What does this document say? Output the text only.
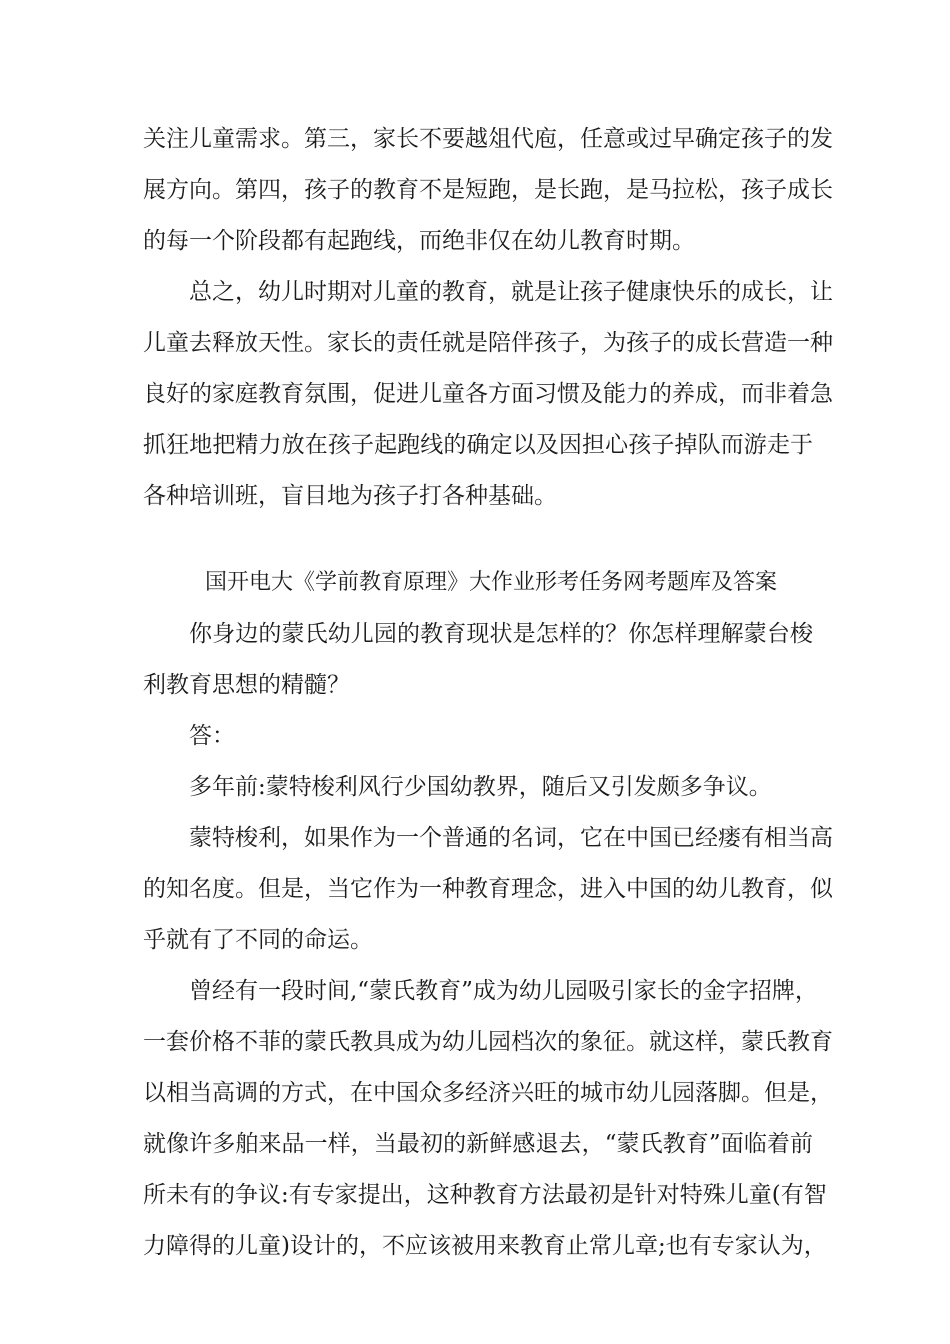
关注儿童需求。第三，家长不要越俎代庖，任意或过早确定孩子的发
展方向。第四，孩子的教育不是短跑，是长跑，是马拉松，孩子成长
的每一个阶段都有起跑线，而绝非仅在幼儿教育时期。
总之，幼儿时期对儿童的教育，就是让孩子健康快乐的成长，让
儿童去释放天性。家长的责任就是陪伴孩子，为孩子的成长营造一种
良好的家庭教育氛围，促进儿童各方面习惯及能力的养成，而非着急
抓狂地把精力放在孩子起跑线的确定以及因担心孩子掉队而游走于
各种培训班，盲目地为孩子打各种基础。
国开电大《学前教育原理》大作业形考任务网考题库及答案
你身边的蒙氏幼儿园的教育现状是怎样的？你怎样理解蒙台梭
利教育思想的精髓？
答：
多年前:蒙特梭利风行少国幼教界，随后又引发颇多争议。
蒙特梭利，如果作为一个普通的名词，它在中国已经瘘有相当高
的知名度。但是，当它作为一种教育理念，进入中国的幼儿教育，似
乎就有了不同的命运。
曾经有一段时间,“蒙氏教育”成为幼儿园吸引家长的金字招牌，
一套价格不菲的蒙氏教具成为幼儿园档次的象征。就这样，蒙氏教育
以相当高调的方式，在中国众多经济兴旺的城市幼儿园落脚。但是，
就像许多舶来品一样，当最初的新鲜感退去，“蒙氏教育”面临着前
所未有的争议:有专家提出，这种教育方法最初是针对特殊儿童(有智
力障得的儿童)设计的，不应该被用来教育止常儿章;也有专家认为，
